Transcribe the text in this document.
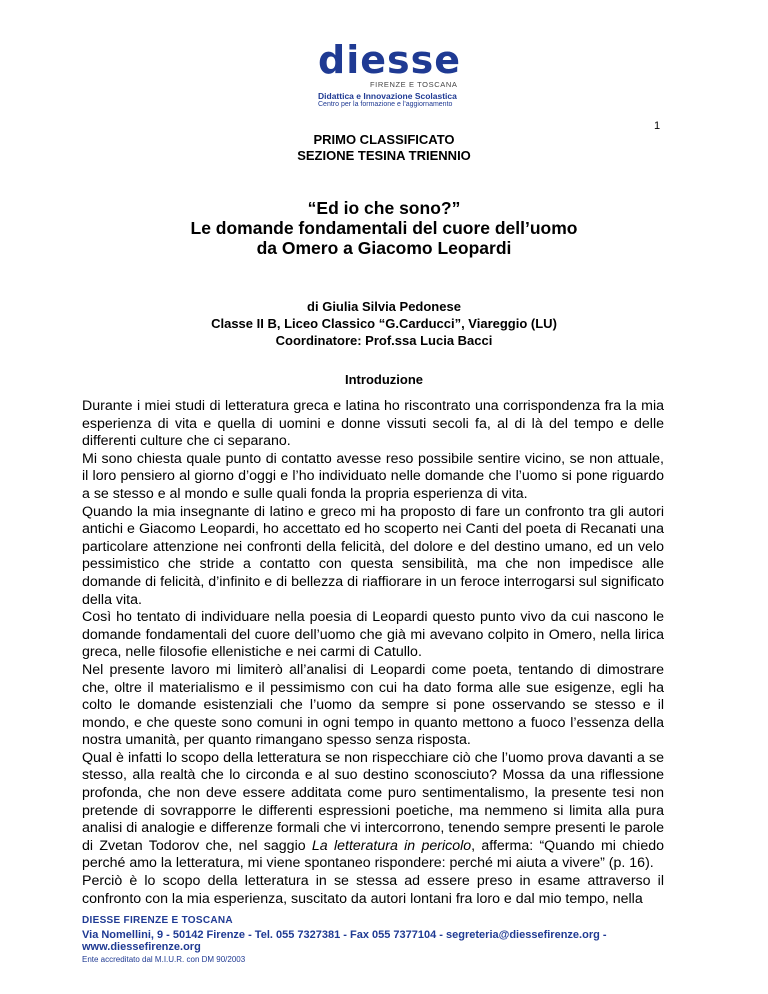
diesse
FIRENZE E TOSCANA
Didattica e Innovazione Scolastica
Centro per la formazione e l'aggiornamento
1
PRIMO CLASSIFICATO
SEZIONE TESINA TRIENNIO
“Ed io che sono?”
Le domande fondamentali del cuore dell’uomo
da Omero a Giacomo Leopardi
di Giulia Silvia Pedonese
Classe II B, Liceo Classico “G.Carducci”, Viareggio (LU)
Coordinatore: Prof.ssa Lucia Bacci
Introduzione

Durante i miei studi di letteratura greca e latina ho riscontrato una corrispondenza fra la mia esperienza di vita e quella di uomini e donne vissuti secoli fa, al di là del tempo e delle differenti culture che ci separano.

Mi sono chiesta quale punto di contatto avesse reso possibile sentire vicino, se non attuale, il loro pensiero al giorno d’oggi e l’ho individuato nelle domande che l’uomo si pone riguardo a se stesso e al mondo e sulle quali fonda la propria esperienza di vita.

Quando la mia insegnante di latino e greco mi ha proposto di fare un confronto tra gli autori antichi e Giacomo Leopardi, ho accettato ed ho scoperto nei Canti del poeta di Recanati una particolare attenzione nei confronti della felicità, del dolore e del destino umano, ed un velo pessimistico che stride a contatto con questa sensibilità, ma che non impedisce alle domande di felicità, d’infinito e di bellezza di riaffiorare in un feroce interrogarsi sul significato della vita.

Così ho tentato di individuare nella poesia di Leopardi questo punto vivo da cui nascono le domande fondamentali del cuore dell’uomo che già mi avevano colpito in Omero, nella lirica greca, nelle filosofie ellenistiche e nei carmi di Catullo.

Nel presente lavoro mi limiterò all’analisi di Leopardi come poeta, tentando di dimostrare che, oltre il materialismo e il pessimismo con cui ha dato forma alle sue esigenze, egli ha colto le domande esistenziali che l’uomo da sempre si pone osservando se stesso e il mondo, e che queste sono comuni in ogni tempo in quanto mettono a fuoco l’essenza della nostra umanità, per quanto rimangano spesso senza risposta.

Qual è infatti lo scopo della letteratura se non rispecchiare ciò che l’uomo prova davanti a se stesso, alla realtà che lo circonda e al suo destino sconosciuto? Mossa da una riflessione profonda, che non deve essere additata come puro sentimentalismo, la presente tesi non pretende di sovrapporre le differenti espressioni poetiche, ma nemmeno si limita alla pura analisi di analogie e differenze formali che vi intercorrono, tenendo sempre presenti le parole di Zvetan Todorov che, nel saggio La letteratura in pericolo, afferma: “Quando mi chiedo perché amo la letteratura, mi viene spontaneo rispondere: perché mi aiuta a vivere” (p. 16).

Perciò è lo scopo della letteratura in se stessa ad essere preso in esame attraverso il confronto con la mia esperienza, suscitato da autori lontani fra loro e dal mio tempo, nella

DIESSE FIRENZE E TOSCANA
Via Nomellini, 9 - 50142 Firenze - Tel. 055 7327381 - Fax 055 7377104 - segreteria@diessefirenze.org - www.diessefirenze.org
Ente accreditato dal M.I.U.R. con DM 90/2003
